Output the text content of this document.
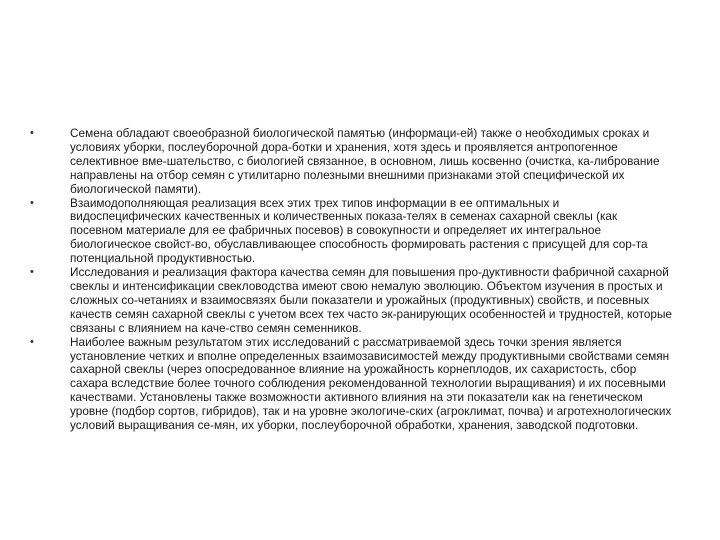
•	Семена обладают своеобразной биологической памятью (информаци-ей) также о необходимых сроках и условиях уборки, послеуборочной дора-ботки и хранения, хотя здесь и проявляется антропогенное селективное вме-шательство, с биологией связанное, в основном, лишь косвенно (очистка, ка-либрование направлены на отбор семян с утилитарно полезными внешними признаками этой специфической их биологической памяти).
•	Взаимодополняющая реализация всех этих трех типов информации в ее оптимальных и видоспецифических качественных и количественных показа-телях в семенах сахарной свеклы (как посевном материале для ее фабричных посевов) в совокупности и определяет их интегральное биологическое свойст-во, обуславливающее способность формировать растения с присущей для сор-та потенциальной продуктивностью.
•	Исследования и реализация фактора качества семян для повышения про-дуктивности фабричной сахарной свеклы и интенсификации свекловодства имеют свою немалую эволюцию. Объектом изучения в простых и сложных со-четаниях и взаимосвязях были показатели и урожайных (продуктивных) свойств, и посевных качеств семян сахарной свеклы с учетом всех тех часто эк-ранирующих особенностей и трудностей, которые связаны с влиянием на каче-ство семян семенников.
•	Наиболее важным результатом этих исследований с рассматриваемой здесь точки зрения является установление четких и вполне определенных взаимозависимостей между продуктивными свойствами семян сахарной свеклы (через опосредованное влияние на урожайность корнеплодов, их сахаристость, сбор сахара вследствие более точного соблюдения рекомендованной технологии выращивания) и их посевными качествами. Установлены также возможности активного влияния на эти показатели как на генетическом уровне (подбор сортов, гибридов), так и на уровне экологиче-ских (агроклимат, почва) и агротехнологических условий выращивания се-мян, их уборки, послеуборочной обработки, хранения, заводской подготовки.
